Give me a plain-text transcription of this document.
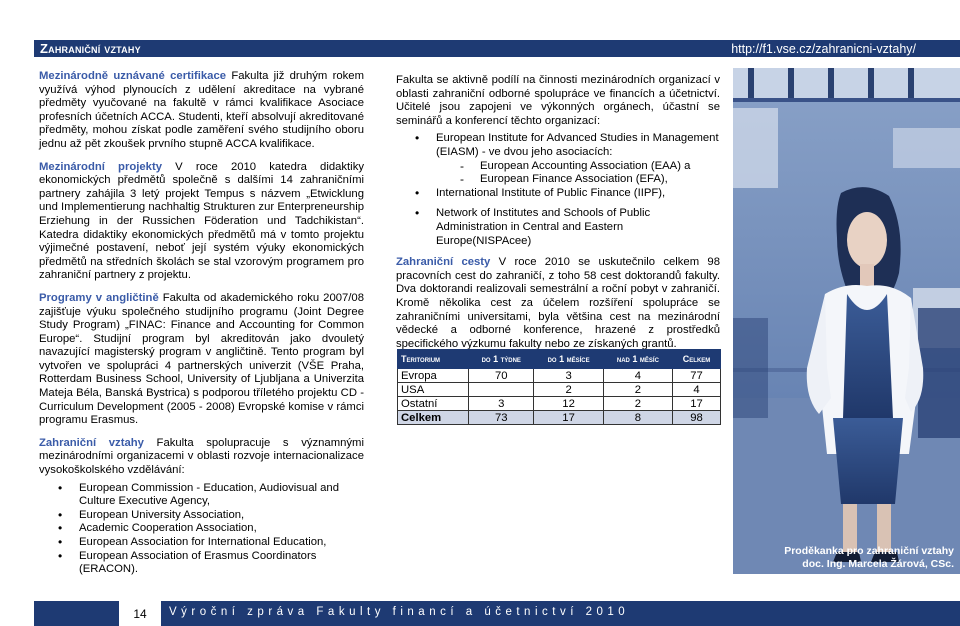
Zahraniční vztahy	http://f1.vse.cz/zahranicni-vztahy/

Mezinárodně uznávané certifikace Fakulta již druhým rokem využívá výhod plynoucích z udělení akreditace na vybrané předměty vyučované na fakultě v rámci kvalifikace Asociace profesních účetních ACCA. Studenti, kteří absolvují akreditované předměty, mohou získat podle zaměření svého studijního oboru jednu až pět zkoušek prvního stupně ACCA kvalifikace.

Mezinárodní projekty V roce 2010 katedra didaktiky ekonomických předmětů společně s dalšími 14 zahraničními partnery zahájila 3 letý projekt Tempus s názvem „Etwicklung und Implementierung nachhaltig Strukturen zur Enterpreneurship Erziehung in der Russichen Föderation und Tadchikistan“. Katedra didaktiky ekonomických předmětů má v tomto projektu výjimečné postavení, neboť její systém výuky ekonomických předmětů na středních školách se stal vzorovým programem pro zahraniční partnery z projektu.

Programy v angličtině Fakulta od akademického roku 2007/08 zajišťuje výuku společného studijního programu (Joint Degree Study Program) „FINAC: Finance and Accounting for Common Europe“. Studijní program byl akreditován jako dvouletý navazující magisterský program v angličtině. Tento program byl vytvořen ve spolupráci 4 partnerských univerzit (VŠE Praha, Rotterdam Business School, University of Ljubljana a Univerzita Mateja Béla, Banská Bystrica) s podporou tříletého projektu CD - Curriculum Development (2005 - 2008) Evropské komise v rámci programu Erasmus.

Zahraniční vztahy Fakulta spolupracuje s významnými mezinárodními organizacemi v oblasti rozvoje internacionalizace vysokoškolského vzdělávání:

• European Commission - Education, Audiovisual and Culture Executive Agency,
• European University Association,
• Academic Cooperation Association,
• European Association for International Education,
• European Association of Erasmus Coordinators (ERACON).

Fakulta se aktivně podílí na činnosti mezinárodních organizací v oblasti zahraniční odborné spolupráce ve financích a účetnictví. Učitelé jsou zapojeni ve výkonných orgánech, účastní se seminářů a konferencí těchto organizací:

• European Institute for Advanced Studies in Management (EIASM) - ve dvou jeho asociacích:
- European Accounting Association (EAA) a
- European Finance Association (EFA),
• International Institute of Public Finance (IIPF),
• Network of Institutes and Schools of Public Administration in Central and Eastern Europe(NISPAcee)

Zahraniční cesty V roce 2010 se uskutečnilo celkem 98 pracovních cest do zahraničí, z toho 58 cest doktorandů fakulty. Dva doktorandi realizovali semestrální a roční pobyt v zahraničí. Kromě několika cest za účelem rozšíření spolupráce se zahraničními universitami, byla většina cest na mezinárodní vědecké a odborné konference, hrazené z prostředků specifického výzkumu fakulty nebo ze získaných grantů.

Teritorium	do 1 týdne	do 1 měsíce	nad 1 měsíc	Celkem
Evropa	70	3	4	77
USA		2	2	4
Ostatní	3	12	2	17
Celkem	73	17	8	98
Proděkanka pro zahraniční vztahy
doc. Ing. Marcela Žárová, CSc.
14	Výroční zpráva Fakulty financí a účetnictví 2010
